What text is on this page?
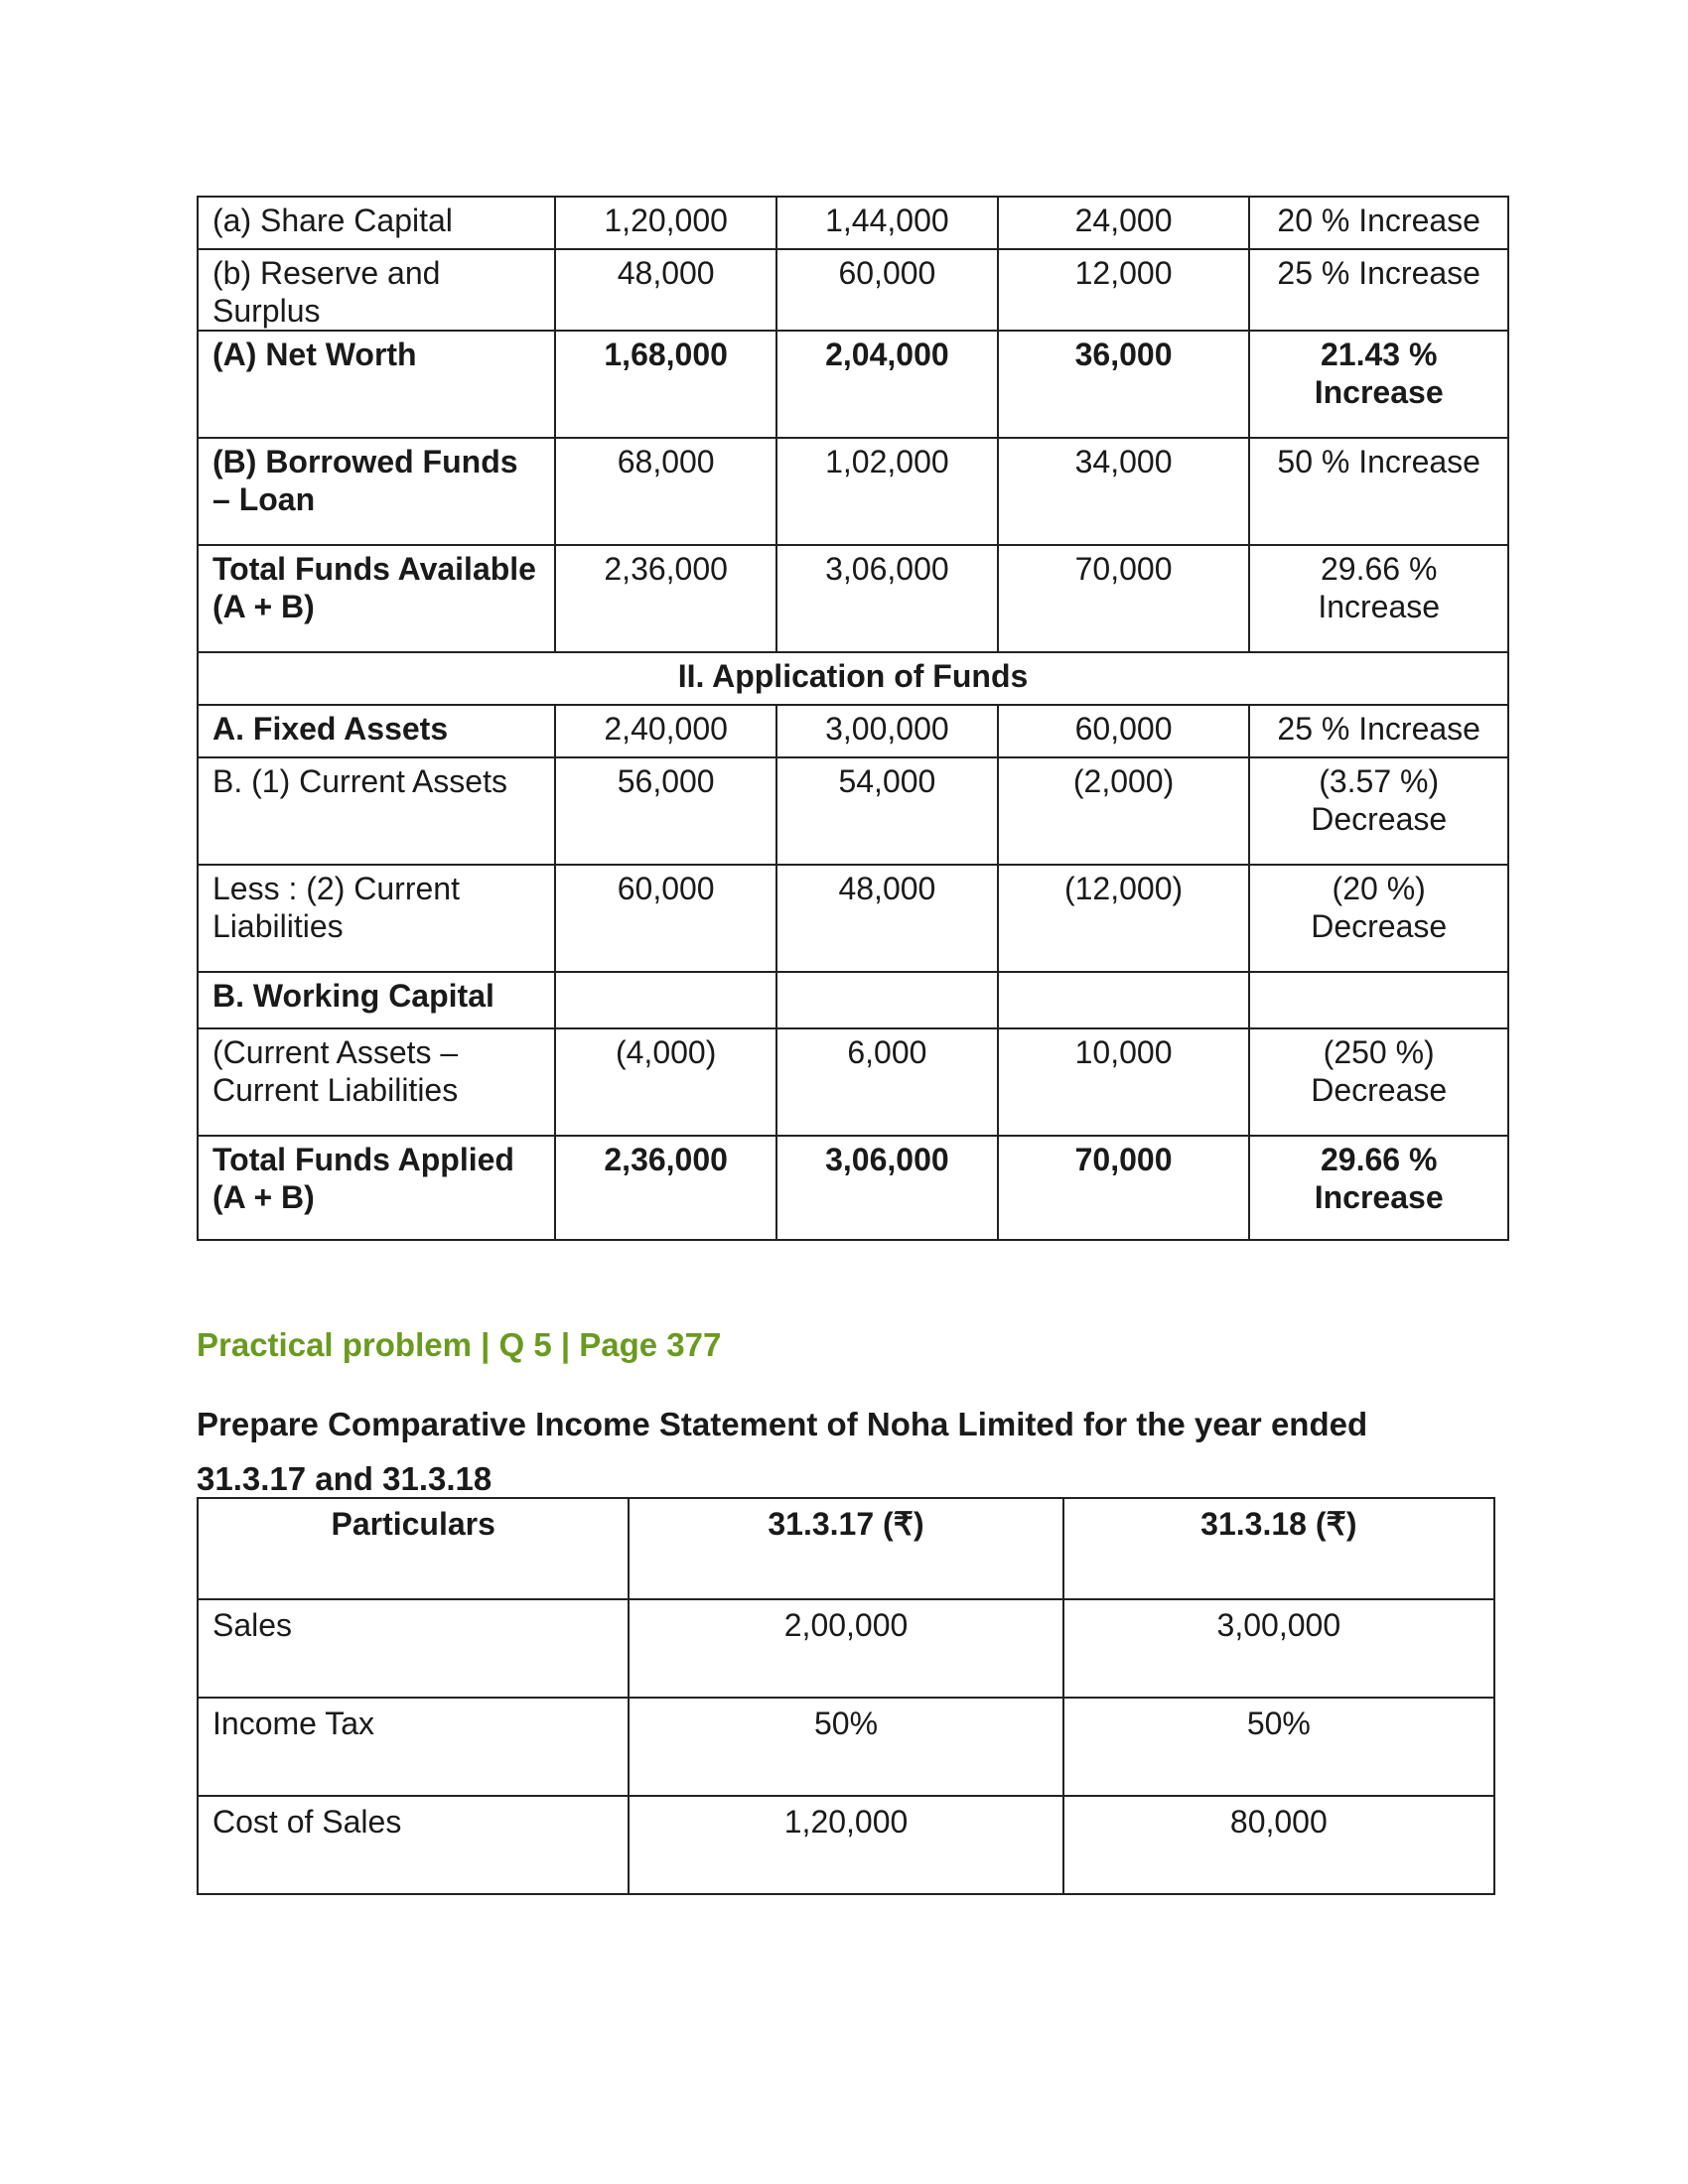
(a) Share Capital	1,20,000	1,44,000	24,000	20 % Increase
(b) Reserve and Surplus	48,000	60,000	12,000	25 % Increase
(A) Net Worth	1,68,000	2,04,000	36,000	21.43 % Increase
(B) Borrowed Funds – Loan	68,000	1,02,000	34,000	50 % Increase
Total Funds Available (A + B)	2,36,000	3,06,000	70,000	29.66 % Increase
II. Application of Funds				
A. Fixed Assets	2,40,000	3,00,000	60,000	25 % Increase
B. (1) Current Assets	56,000	54,000	(2,000)	(3.57 %) Decrease
Less : (2) Current Liabilities	60,000	48,000	(12,000)	(20 %) Decrease
B. Working Capital				
(Current Assets – Current Liabilities	(4,000)	6,000	10,000	(250 %) Decrease
Total Funds Applied (A + B)	2,36,000	3,06,000	70,000	29.66 % Increase
Practical problem | Q 5 | Page 377
Prepare Comparative Income Statement of Noha Limited for the year ended
31.3.17 and 31.3.18
Particulars	31.3.17 (₹)	31.3.18 (₹)
Sales	2,00,000	3,00,000
Income Tax	50%	50%
Cost of Sales	1,20,000	80,000
